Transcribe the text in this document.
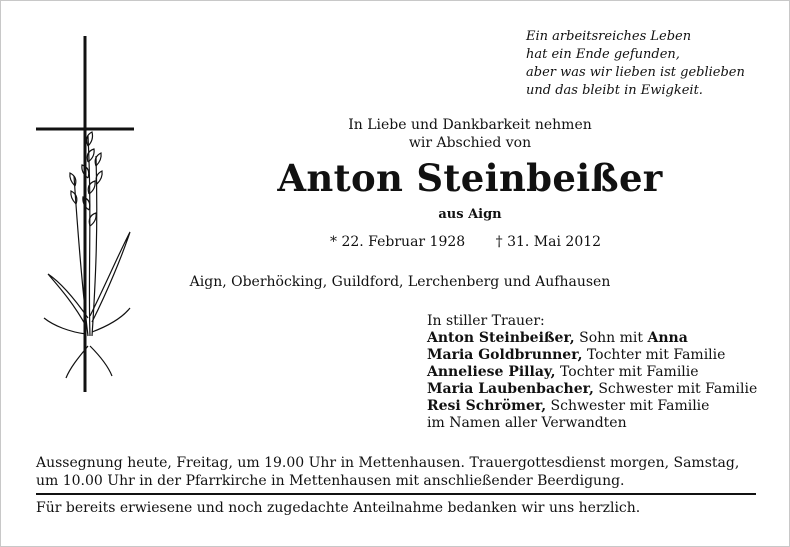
Ein arbeitsreiches Leben
hat ein Ende gefunden,
aber was wir lieben ist geblieben
und das bleibt in Ewigkeit.
In Liebe und Dankbarkeit nehmen
wir Abschied von
Anton Steinbeißer
aus Aign
* 22. Februar 1928 † 31. Mai 2012
Aign, Oberhöcking, Guildford, Lerchenberg und Aufhausen
In stiller Trauer:
Anton Steinbeißer, Sohn mit Anna
Maria Goldbrunner, Tochter mit Familie
Anneliese Pillay, Tochter mit Familie
Maria Laubenbacher, Schwester mit Familie
Resi Schrömer, Schwester mit Familie
im Namen aller Verwandten
Aussegnung heute, Freitag, um 19.00 Uhr in Mettenhausen. Trauergottesdienst morgen, Samstag, um 10.00 Uhr in der Pfarrkirche in Mettenhausen mit anschließender Beerdigung.
Für bereits erwiesene und noch zugedachte Anteilnahme bedanken wir uns herzlich.
